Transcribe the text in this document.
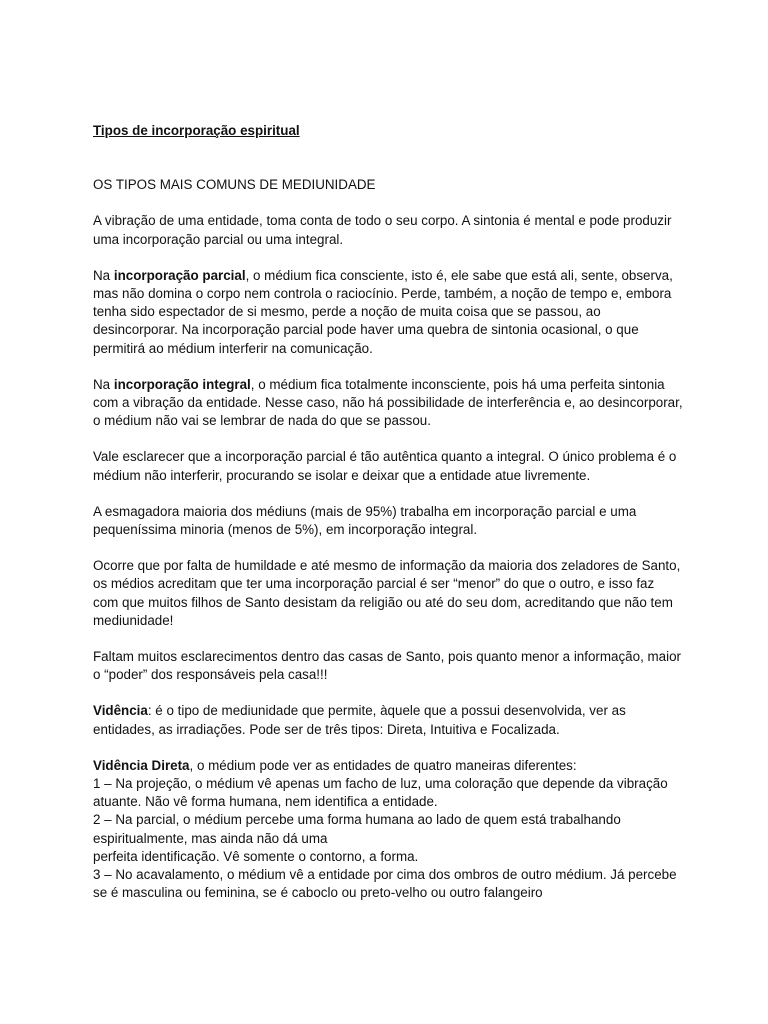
Tipos de incorporação espiritual

OS TIPOS MAIS COMUNS DE MEDIUNIDADE

A vibração de uma entidade, toma conta de todo o seu corpo. A sintonia é mental e pode produzir uma incorporação parcial ou uma integral.

Na incorporação parcial, o médium fica consciente, isto é, ele sabe que está ali, sente, observa, mas não domina o corpo nem controla o raciocínio. Perde, também, a noção de tempo e, embora tenha sido espectador de si mesmo, perde a noção de muita coisa que se passou, ao desincorporar. Na incorporação parcial pode haver uma quebra de sintonia ocasional, o que permitirá ao médium interferir na comunicação.

Na incorporação integral, o médium fica totalmente inconsciente, pois há uma perfeita sintonia com a vibração da entidade. Nesse caso, não há possibilidade de interferência e, ao desincorporar, o médium não vai se lembrar de nada do que se passou.

Vale esclarecer que a incorporação parcial é tão autêntica quanto a integral. O único problema é o médium não interferir, procurando se isolar e deixar que a entidade atue livremente.

A esmagadora maioria dos médiuns (mais de 95%) trabalha em incorporação parcial e uma pequeníssima minoria (menos de 5%), em incorporação integral.

Ocorre que por falta de humildade e até mesmo de informação da maioria dos zeladores de Santo, os médios acreditam que ter uma incorporação parcial é ser “menor” do que o outro, e isso faz com que muitos filhos de Santo desistam da religião ou até do seu dom, acreditando que não tem mediunidade!

Faltam muitos esclarecimentos dentro das casas de Santo, pois quanto menor a informação, maior o “poder” dos responsáveis pela casa!!!

Vidência: é o tipo de mediunidade que permite, àquele que a possui desenvolvida, ver as entidades, as irradiações. Pode ser de três tipos: Direta, Intuitiva e Focalizada.

Vidência Direta, o médium pode ver as entidades de quatro maneiras diferentes:

1 – Na projeção, o médium vê apenas um facho de luz, uma coloração que depende da vibração atuante. Não vê forma humana, nem identifica a entidade.

2 – Na parcial, o médium percebe uma forma humana ao lado de quem está trabalhando espiritualmente, mas ainda não dá uma

perfeita identificação. Vê somente o contorno, a forma.

3 – No acavalamento, o médium vê a entidade por cima dos ombros de outro médium. Já percebe se é masculina ou feminina, se é caboclo ou preto-velho ou outro falangeiro
